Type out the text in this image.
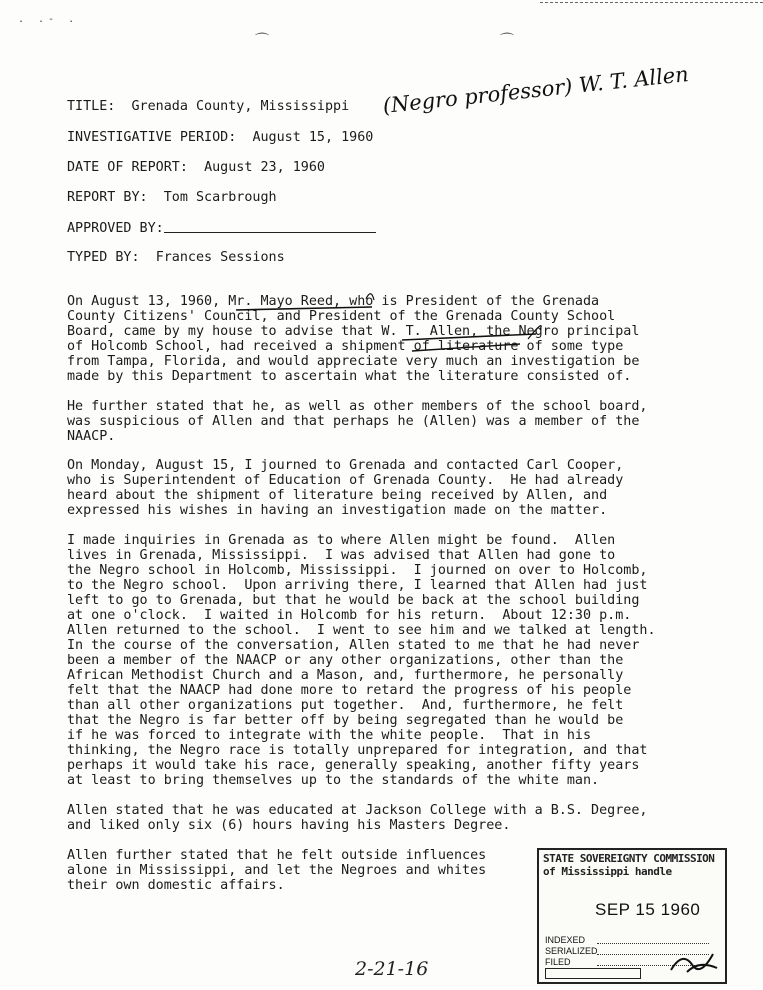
. .- .
⌒	⌒
TITLE: Grenada County, Mississippi (Negro professor) W. T. Allen
INVESTIGATIVE PERIOD: August 15, 1960
DATE OF REPORT: August 23, 1960
REPORT BY: Tom Scarbrough
APPROVED BY:
TYPED BY: Frances Sessions
On August 13, 1960, Mr. Mayo Reed, who is President of the Grenada
County Citizens' Council, and President of the Grenada County School
Board, came by my house to advise that W. T. Allen, the Negro principal
of Holcomb School, had received a shipment of literature of some type
from Tampa, Florida, and would appreciate very much an investigation be
made by this Department to ascertain what the literature consisted of.
He further stated that he, as well as other members of the school board,
was suspicious of Allen and that perhaps he (Allen) was a member of the
NAACP.
On Monday, August 15, I journed to Grenada and contacted Carl Cooper,
who is Superintendent of Education of Grenada County.  He had already
heard about the shipment of literature being received by Allen, and
expressed his wishes in having an investigation made on the matter.
I made inquiries in Grenada as to where Allen might be found.  Allen
lives in Grenada, Mississippi.  I was advised that Allen had gone to
the Negro school in Holcomb, Mississippi.  I journed on over to Holcomb,
to the Negro school.  Upon arriving there, I learned that Allen had just
left to go to Grenada, but that he would be back at the school building
at one o'clock.  I waited in Holcomb for his return.  About 12:30 p.m.
Allen returned to the school.  I went to see him and we talked at length.
In the course of the conversation, Allen stated to me that he had never
been a member of the NAACP or any other organizations, other than the
African Methodist Church and a Mason, and, furthermore, he personally
felt that the NAACP had done more to retard the progress of his people
than all other organizations put together.  And, furthermore, he felt
that the Negro is far better off by being segregated than he would be
if he was forced to integrate with the white people.  That in his
thinking, the Negro race is totally unprepared for integration, and that
perhaps it would take his race, generally speaking, another fifty years
at least to bring themselves up to the standards of the white man.
Allen stated that he was educated at Jackson College with a B.S. Degree,
and liked only six (6) hours having his Masters Degree.
Allen further stated that he felt outside influences
alone in Mississippi, and let the Negroes and whites
their own domestic affairs.
STATE SOVEREIGNTY COMMISSION of Mississippi handle
SEP 15 1960
INDEXED
SERIALIZED
FILED
2-21-16
